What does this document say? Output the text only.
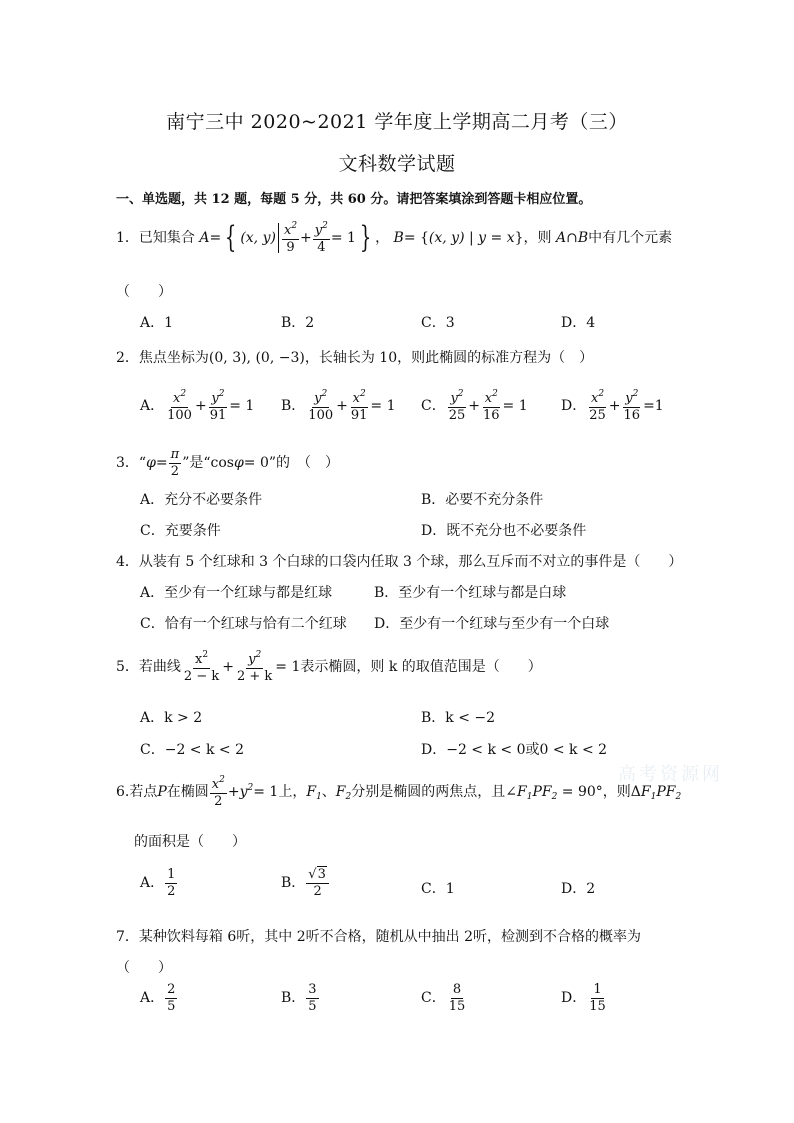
南宁三中 2020~2021 学年度上学期高二月考（三）
文科数学试题
一、单选题，共 12 题，每题 5 分，共 60 分。请把答案填涂到答题卡相应位置。
1．已知集合 A= { (x, $y) \frac{x^2}{9} + \frac{y^2}{4} = 1$ } ， B= {(x, y) | y = x}，则 A∩B中有几个元素
（　　）
A．1	B．2	C．3	D．4
2．焦点坐标为(0, 3), (0, −3)，长轴长为 10，则此椭圆的标准方程为（　）
A． $\frac{x^2}{100} + \frac{y^2}{91} = 1$ B． $\frac{y^2}{100} + \frac{x^2}{91} = 1$ C． $\frac{y^2}{25} + \frac{x^2}{16} = 1$ D． $\frac{x^2}{25} + \frac{y^2}{16} =1$
3．“$\varphi= \frac{\pi}{2}$ ”是“cosφ= 0”的　（　）
A．充分不必要条件	B．必要不充分条件
C．充要条件	D．既不充分也不必要条件
4．从装有 5 个红球和 3 个白球的口袋内任取 3 个球，那么互斥而不对立的事件是（　　）
A．至少有一个红球与都是红球	B．至少有一个红球与都是白球
C．恰有一个红球与恰有二个红球 D．至少有一个红球与至少有一个白球
5．若曲线 $\frac{x^2}{2 - k} + \frac{y^2}{2 + k} = 1$表示椭圆，则 k 的取值范围是（　　）
A．k > 2	B．k < −2
C．−2 < k < 2	D．−2 < k < 0或0 < k < 2
高考资源网
6.若点P在椭圆 $\frac{x^2}{2} +y^2= 1$上，$F_1$、$F_2$分别是椭圆的两焦点，且$\angle F_1PF_2 = 90^\circ$，则$\Delta F_1PF_2$
的面积是（　　）
A． $\frac{1}{2}$	B． $\frac{√3}{2}$	C．1	D．2
7．某种饮料每箱 6听，其中 2听不合格，随机从中抽出 2听，检测到不合格的概率为
（　　）
A． $\frac{2}{5}$	B． $\frac{3}{5}$	C． $\frac{8}{15}$	D． $\frac{1}{15}$
